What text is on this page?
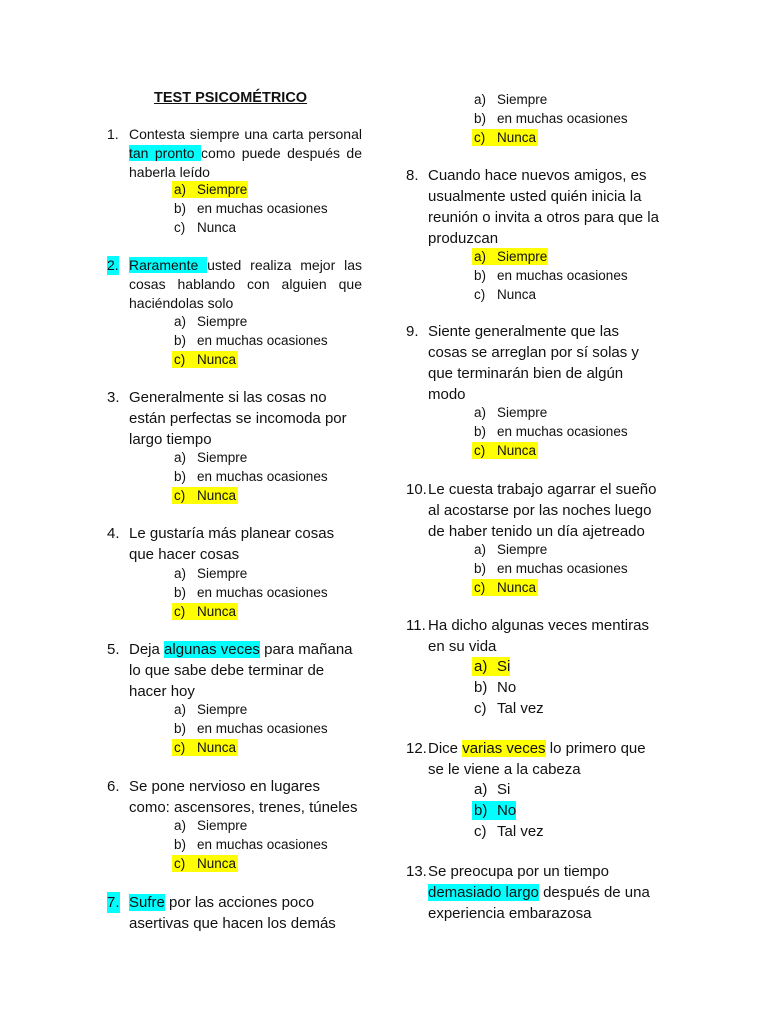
TEST PSICOMÉTRICO
1. Contesta siempre una carta personal
tan pronto como puede después de
haberla leído
a) Siempre
b) en muchas ocasiones
c) Nunca
2. Raramente usted realiza mejor las
cosas hablando con alguien que
haciéndolas solo
a) Siempre
b) en muchas ocasiones
c) Nunca
3. Generalmente si las cosas no
están perfectas se incomoda por
largo tiempo
a) Siempre
b) en muchas ocasiones
c) Nunca
4. Le gustaría más planear cosas
que hacer cosas
a) Siempre
b) en muchas ocasiones
c) Nunca
5. Deja algunas veces para mañana
lo que sabe debe terminar de
hacer hoy
a) Siempre
b) en muchas ocasiones
c) Nunca
6. Se pone nervioso en lugares
como: ascensores, trenes, túneles
a) Siempre
b) en muchas ocasiones
c) Nunca
7. Sufre por las acciones poco
asertivas que hacen los demás
a) Siempre
b) en muchas ocasiones
c) Nunca
8. Cuando hace nuevos amigos, es
usualmente usted quién inicia la
reunión o invita a otros para que la
produzcan
a) Siempre
b) en muchas ocasiones
c) Nunca
9. Siente generalmente que las
cosas se arreglan por sí solas y
que terminarán bien de algún
modo
a) Siempre
b) en muchas ocasiones
c) Nunca
10. Le cuesta trabajo agarrar el sueño
al acostarse por las noches luego
de haber tenido un día ajetreado
a) Siempre
b) en muchas ocasiones
c) Nunca
11. Ha dicho algunas veces mentiras
en su vida
a) Si
b) No
c) Tal vez
12. Dice varias veces lo primero que
se le viene a la cabeza
a) Si
b) No
c) Tal vez
13. Se preocupa por un tiempo
demasiado largo después de una
experiencia embarazosa
